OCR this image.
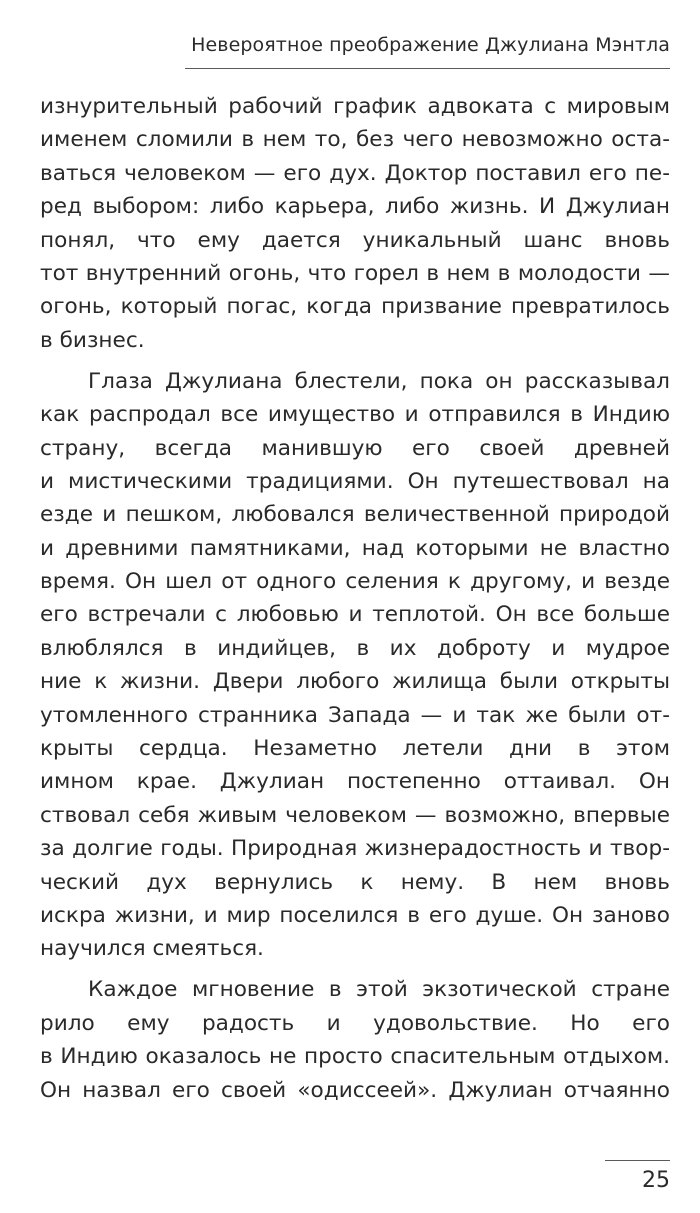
Невероятное преображение Джулиана Мэнтла
изнурительный рабочий график адвоката с мировым
именем сломили в нем то, без чего невозможно оста-
ваться человеком — его дух. Доктор поставил его пе-
ред выбором: либо карьера, либо жизнь. И Джулиан
понял, что ему дается уникальный шанс вновь
тот внутренний огонь, что горел в нем в молодости —
огонь, который погас, когда призвание превратилось
в бизнес.
Глаза Джулиана блестели, пока он рассказывал
как распродал все имущество и отправился в Индию
страну, всегда манившую его своей древней
и мистическими традициями. Он путешествовал на
езде и пешком, любовался величественной природой
и древними памятниками, над которыми не властно
время. Он шел от одного селения к другому, и везде
его встречали с любовью и теплотой. Он все больше
влюблялся в индийцев, в их доброту и мудрое
ние к жизни. Двери любого жилища были открыты
утомленного странника Запада — и так же были от-
крыты сердца. Незаметно летели дни в этом
имном крае. Джулиан постепенно оттаивал. Он
ствовал себя живым человеком — возможно, впервые
за долгие годы. Природная жизнерадостность и твор-
ческий дух вернулись к нему. В нем вновь
искра жизни, и мир поселился в его душе. Он заново
научился смеяться.
Каждое мгновение в этой экзотической стране
рило ему радость и удовольствие. Но его
в Индию оказалось не просто спасительным отдыхом.
Он назвал его своей «одиссеей». Джулиан отчаянно
25
